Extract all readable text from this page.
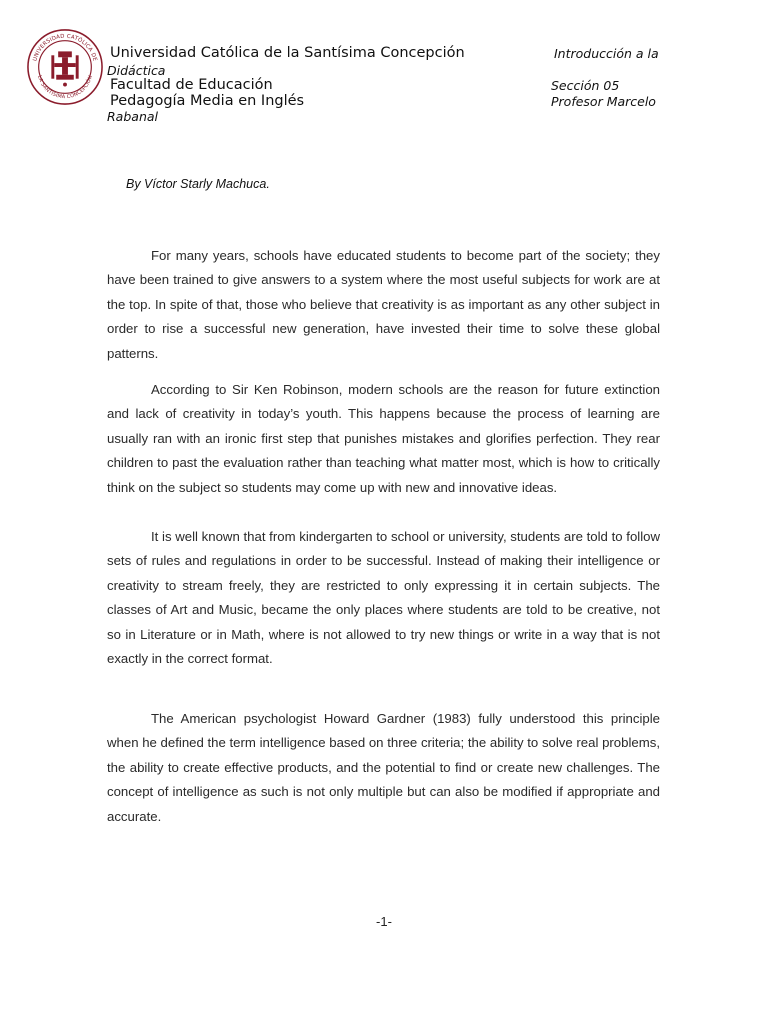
UNIVERSIDAD CATÓLICA DE
LA SANTÍSIMA CONCEPCIÓN
Universidad Católica de la Santísima Concepción	Introducción a la
Didáctica
Facultad de Educación	Sección 05
Pedagogía Media en Inglés	Profesor Marcelo
Rabanal
By Víctor Starly Machuca.

For many years, schools have educated students to become part of the society; they have been trained to give answers to a system where the most useful subjects for work are at the top. In spite of that, those who believe that creativity is as important as any other subject in order to rise a successful new generation, have invested their time to solve these global patterns.

According to Sir Ken Robinson, modern schools are the reason for future extinction and lack of creativity in today’s youth. This happens because the process of learning are usually ran with an ironic first step that punishes mistakes and glorifies perfection. They rear children to past the evaluation rather than teaching what matter most, which is how to critically think on the subject so students may come up with new and innovative ideas.

It is well known that from kindergarten to school or university, students are told to follow sets of rules and regulations in order to be successful. Instead of making their intelligence or creativity to stream freely, they are restricted to only expressing it in certain subjects. The classes of Art and Music, became the only places where students are told to be creative, not so in Literature or in Math, where is not allowed to try new things or write in a way that is not exactly in the correct format.

The American psychologist Howard Gardner (1983) fully understood this principle when he defined the term intelligence based on three criteria; the ability to solve real problems, the ability to create effective products, and the potential to find or create new challenges. The concept of intelligence as such is not only multiple but can also be modified if appropriate and accurate.

-1-
